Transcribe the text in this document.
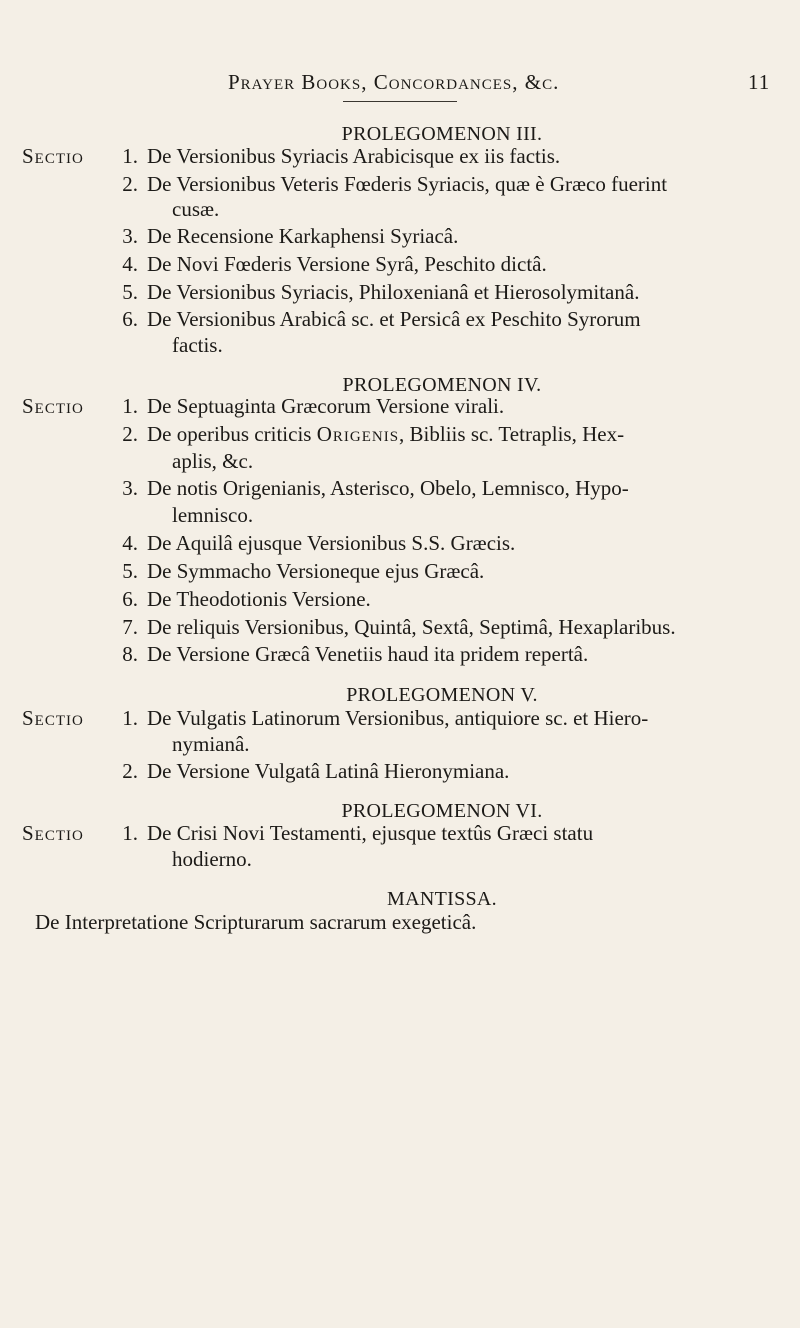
Prayer Books, Concordances, &c.	11
PROLEGOMENON III.
Sectio	1. De Versionibus Syriacis Arabicisque ex iis factis.
2. De Versionibus Veteris Fœderis Syriacis, quæ è Græco fuerint
cusæ.
3. De Recensione Karkaphensi Syriacâ.
4. De Novi Fœderis Versione Syrâ, Peschito dictâ.
5. De Versionibus Syriacis, Philoxenianâ et Hierosolymitanâ.
6. De Versionibus Arabicâ sc. et Persicâ ex Peschito Syrorum
factis.
PROLEGOMENON IV.
Sectio	1. De Septuaginta Græcorum Versione virali.
2. De operibus criticis Origenis, Bibliis sc. Tetraplis, Hex-
aplis, &c.
3. De notis Origenianis, Asterisco, Obelo, Lemnisco, Hypo-
lemnisco.
4. De Aquilâ ejusque Versionibus S.S. Græcis.
5. De Symmacho Versioneque ejus Græcâ.
6. De Theodotionis Versione.
7. De reliquis Versionibus, Quintâ, Sextâ, Septimâ, Hexaplaribus.
8. De Versione Græcâ Venetiis haud ita pridem repertâ.
PROLEGOMENON V.
Sectio	1. De Vulgatis Latinorum Versionibus, antiquiore sc. et Hiero-
nymianâ.
2. De Versione Vulgatâ Latinâ Hieronymiana.
PROLEGOMENON VI.
Sectio	1. De Crisi Novi Testamenti, ejusque textûs Græci statu
hodierno.
MANTISSA.
De Interpretatione Scripturarum sacrarum exegeticâ.
